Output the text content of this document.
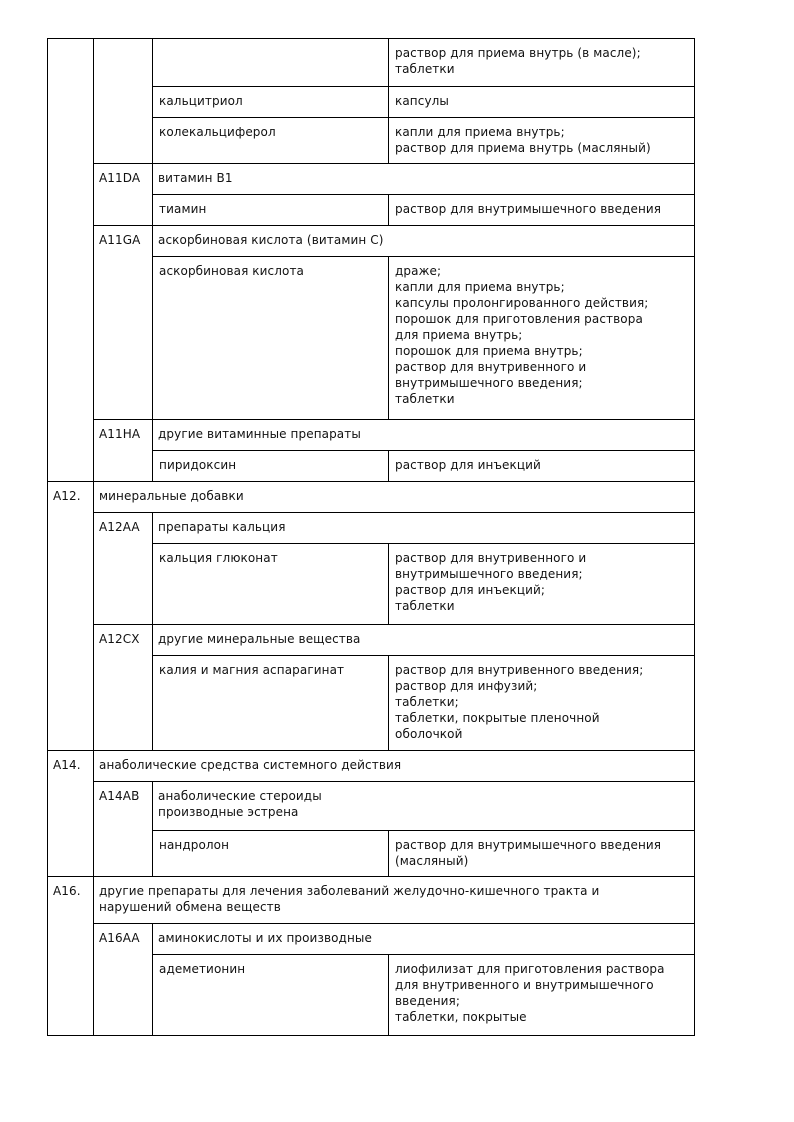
раствор для приема внутрь (в масле);
таблетки
кальцитриол	капсулы
колекальциферол	капли для приема внутрь;
раствор для приема внутрь (масляный)
A11DA	витамин B1
тиамин	раствор для внутримышечного введения
A11GA	аскорбиновая кислота (витамин С)
аскорбиновая кислота	драже;
капли для приема внутрь;
капсулы пролонгированного действия;
порошок для приготовления раствора
для приема внутрь;
порошок для приема внутрь;
раствор для внутривенного и
внутримышечного введения;
таблетки
A11HA	другие витаминные препараты
пиридоксин	раствор для инъекций
A12.	минеральные добавки
A12AA	препараты кальция
кальция глюконат	раствор для внутривенного и
внутримышечного введения;
раствор для инъекций;
таблетки
A12CX	другие минеральные вещества
калия и магния аспарагинат	раствор для внутривенного введения;
раствор для инфузий;
таблетки;
таблетки, покрытые пленочной
оболочкой
A14.	анаболические средства системного действия
A14AB	анаболические стероиды
производные эстрена
нандролон	раствор для внутримышечного введения
(масляный)
A16.	другие препараты для лечения заболеваний желудочно-кишечного тракта и
нарушений обмена веществ
A16AA	аминокислоты и их производные
адеметионин	лиофилизат для приготовления раствора
для внутривенного и внутримышечного
введения;
таблетки, покрытые
